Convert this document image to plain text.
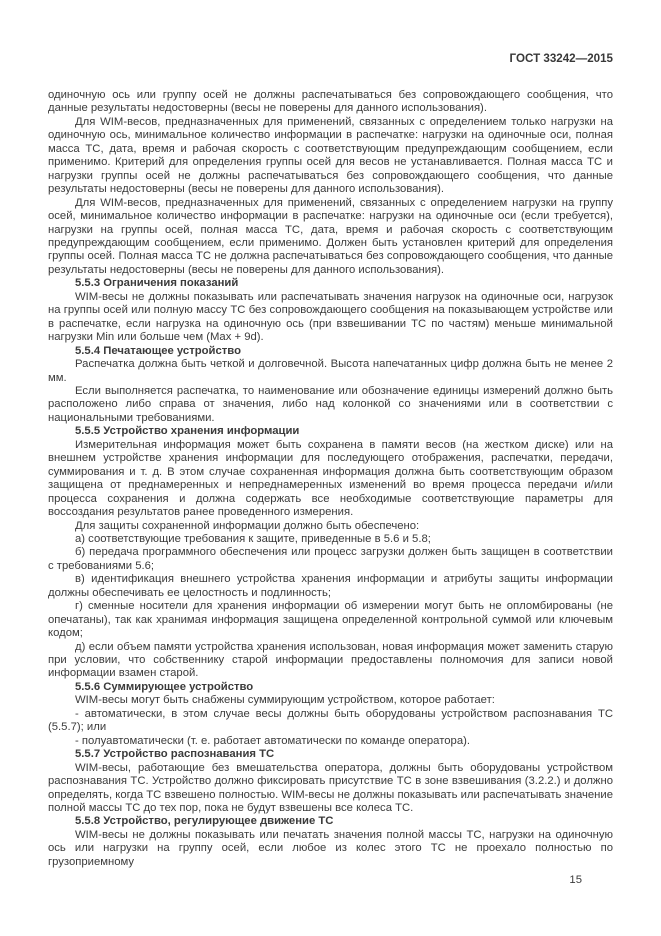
ГОСТ 33242—2015

одиночную ось или группу осей не должны распечатываться без сопровождающего сообщения, что данные результаты недостоверны (весы не поверены для данного использования).

Для WIM-весов, предназначенных для применений, связанных с определением только нагрузки на одиночную ось, минимальное количество информации в распечатке: нагрузки на одиночные оси, полная масса ТС, дата, время и рабочая скорость с соответствующим предупреждающим сообщением, если применимо. Критерий для определения группы осей для весов не устанавливается. Полная масса ТС и нагрузки группы осей не должны распечатываться без сопровождающего сообщения, что данные результаты недостоверны (весы не поверены для данного использования).

Для WIM-весов, предназначенных для применений, связанных с определением нагрузки на группу осей, минимальное количество информации в распечатке: нагрузки на одиночные оси (если требуется), нагрузки на группы осей, полная масса ТС, дата, время и рабочая скорость с соответствующим предупреждающим сообщением, если применимо. Должен быть установлен критерий для определения группы осей. Полная масса ТС не должна распечатываться без сопровождающего сообщения, что данные результаты недостоверны (весы не поверены для данного использования).

5.5.3 Ограничения показаний

WIM-весы не должны показывать или распечатывать значения нагрузок на одиночные оси, нагрузок на группы осей или полную массу ТС без сопровождающего сообщения на показывающем устройстве или в распечатке, если нагрузка на одиночную ось (при взвешивании ТС по частям) меньше минимальной нагрузки Min или больше чем (Max + 9d).

5.5.4 Печатающее устройство

Распечатка должна быть четкой и долговечной. Высота напечатанных цифр должна быть не менее 2 мм.

Если выполняется распечатка, то наименование или обозначение единицы измерений должно быть расположено либо справа от значения, либо над колонкой со значениями или в соответствии с национальными требованиями.

5.5.5 Устройство хранения информации

Измерительная информация может быть сохранена в памяти весов (на жестком диске) или на внешнем устройстве хранения информации для последующего отображения, распечатки, передачи, суммирования и т. д. В этом случае сохраненная информация должна быть соответствующим образом защищена от преднамеренных и непреднамеренных изменений во время процесса передачи и/или процесса сохранения и должна содержать все необходимые соответствующие параметры для воссоздания результатов ранее проведенного измерения.

Для защиты сохраненной информации должно быть обеспечено:

а) соответствующие требования к защите, приведенные в 5.6 и 5.8;

б) передача программного обеспечения или процесс загрузки должен быть защищен в соответствии с требованиями 5.6;

в) идентификация внешнего устройства хранения информации и атрибуты защиты информации должны обеспечивать ее целостность и подлинность;

г) сменные носители для хранения информации об измерении могут быть не опломбированы (не опечатаны), так как хранимая информация защищена определенной контрольной суммой или ключевым кодом;

д) если объем памяти устройства хранения использован, новая информация может заменить старую при условии, что собственнику старой информации предоставлены полномочия для записи новой информации взамен старой.

5.5.6 Суммирующее устройство

WIM-весы могут быть снабжены суммирующим устройством, которое работает:

- автоматически, в этом случае весы должны быть оборудованы устройством распознавания ТС (5.5.7); или

- полуавтоматически (т. е. работает автоматически по команде оператора).

5.5.7 Устройство распознавания ТС

WIM-весы, работающие без вмешательства оператора, должны быть оборудованы устройством распознавания ТС. Устройство должно фиксировать присутствие ТС в зоне взвешивания (3.2.2.) и должно определять, когда ТС взвешено полностью. WIM-весы не должны показывать или распечатывать значение полной массы ТС до тех пор, пока не будут взвешены все колеса ТС.

5.5.8 Устройство, регулирующее движение ТС

WIM-весы не должны показывать или печатать значения полной массы ТС, нагрузки на одиночную ось или нагрузки на группу осей, если любое из колес этого ТС не проехало полностью по грузоприемному

15
